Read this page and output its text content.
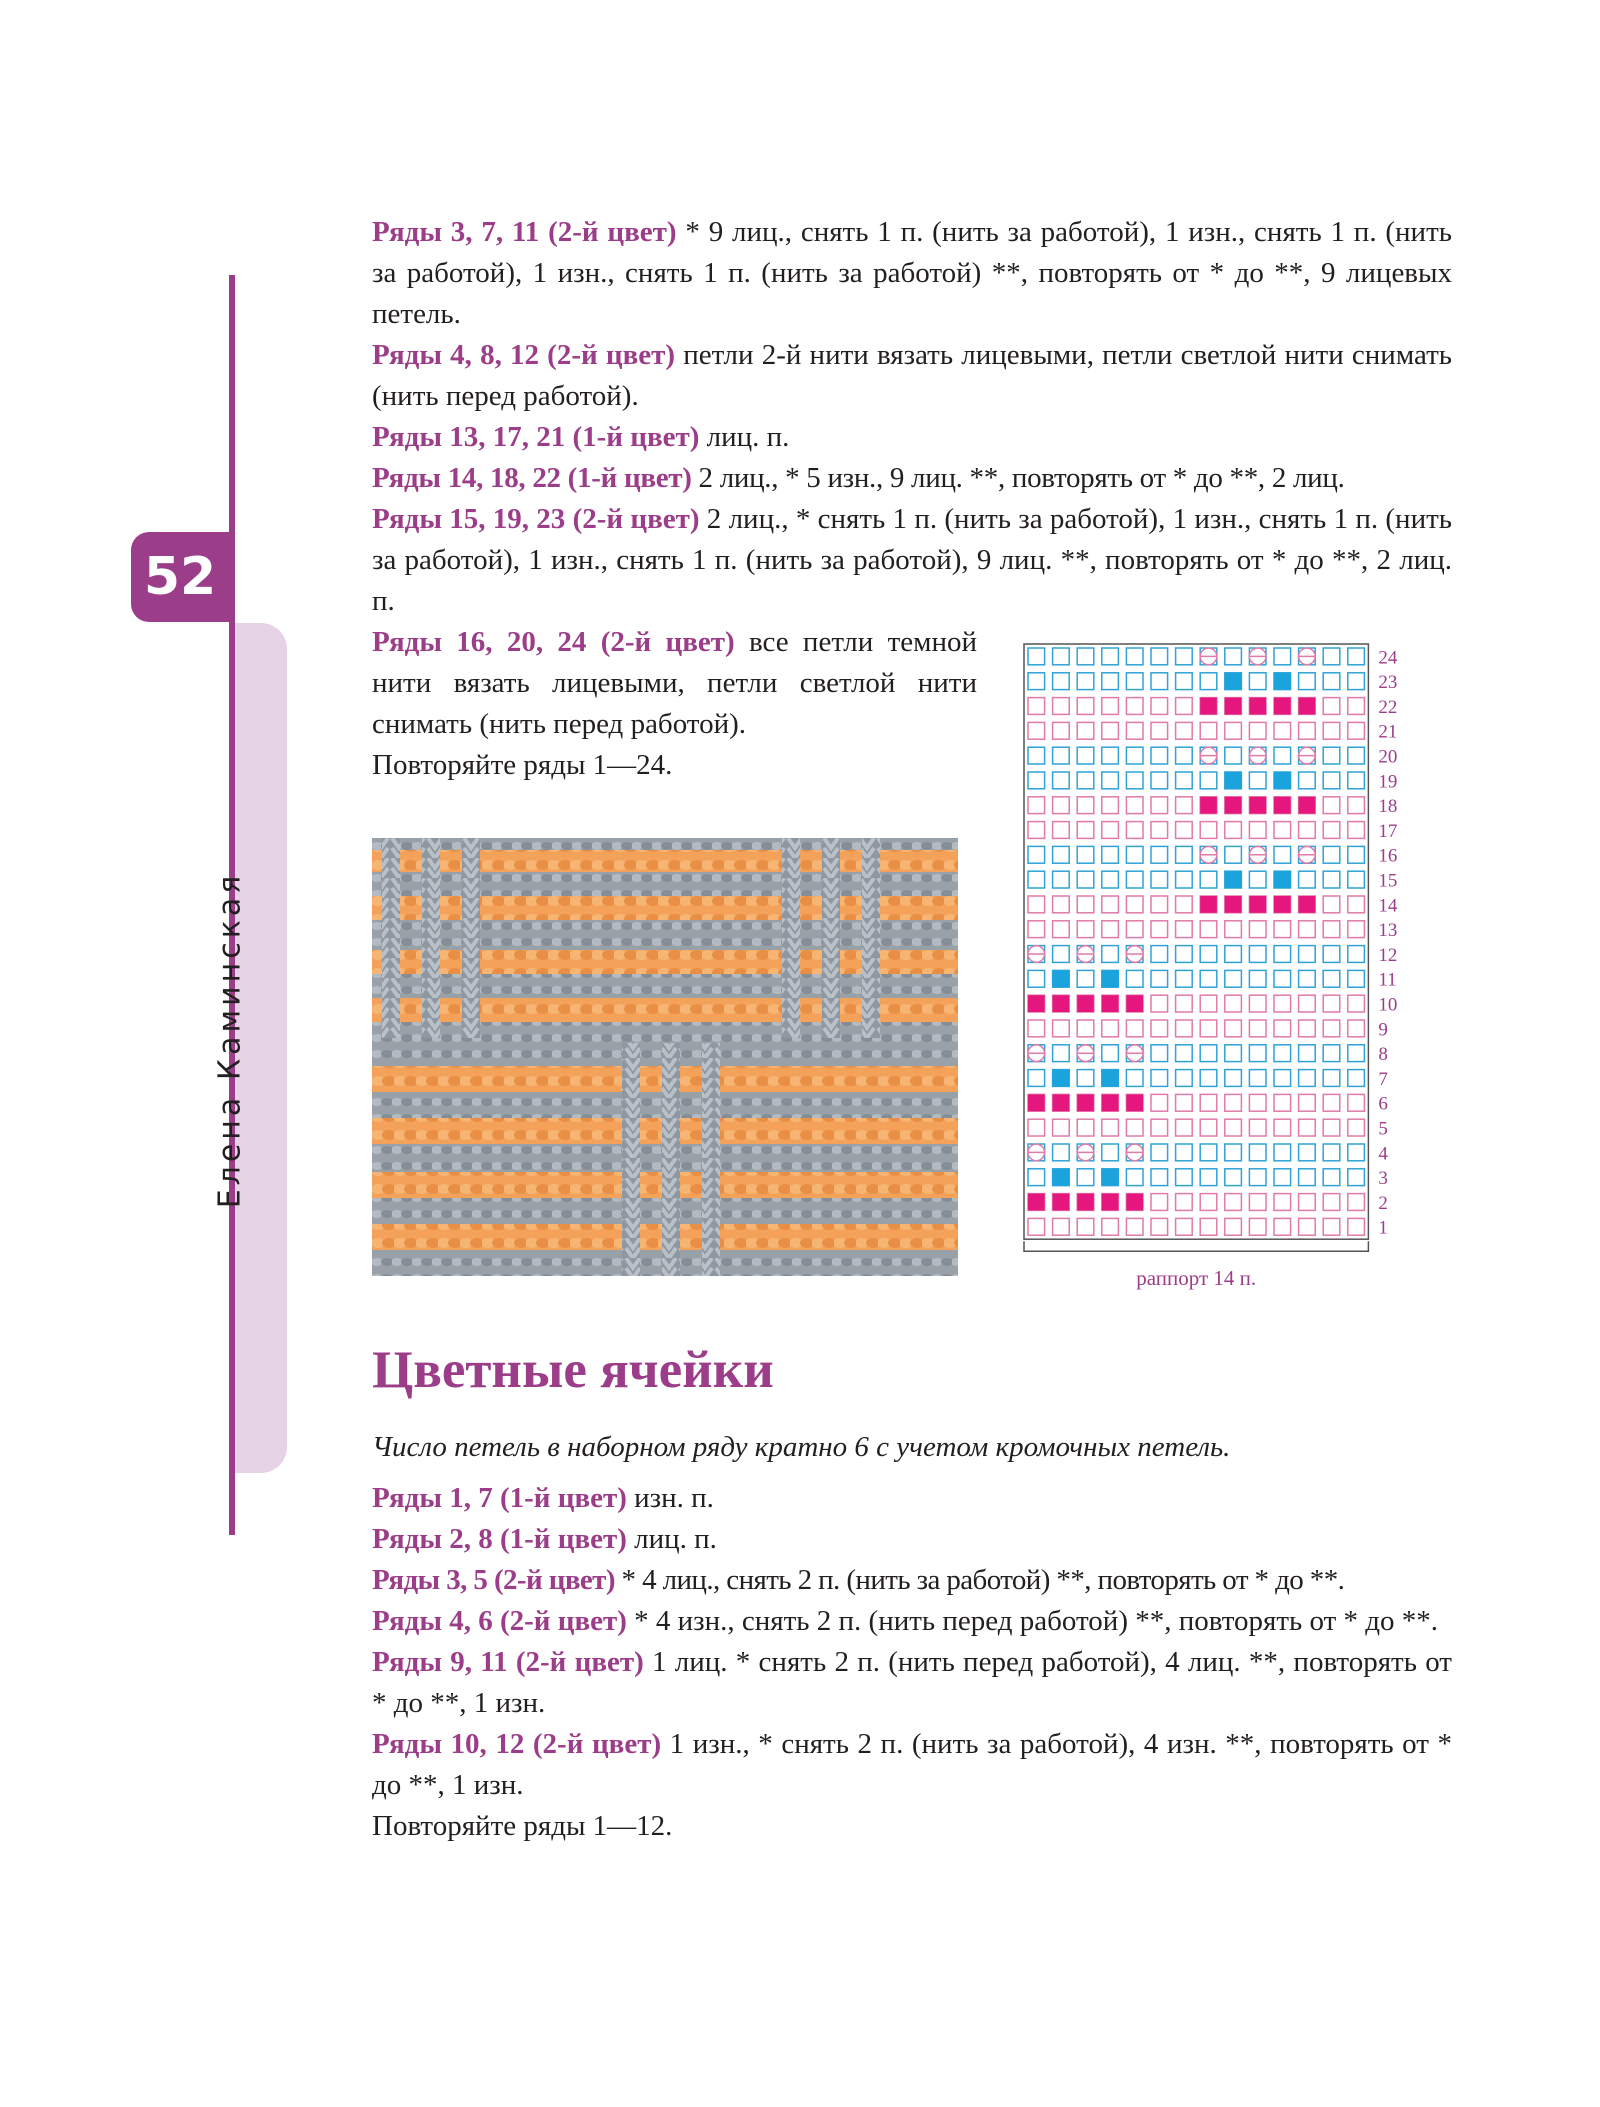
52
Елена Каминская

Ряды 3, 7, 11 (2-й цвет) * 9 лиц., снять 1 п. (нить за работой), 1 изн., снять 1 п. (нить за работой), 1 изн., снять 1 п. (нить за работой) **, повторять от * до **, 9 лицевых петель.

Ряды 4, 8, 12 (2-й цвет) петли 2-й нити вязать лицевыми, петли светлой нити снимать (нить перед работой).

Ряды 13, 17, 21 (1-й цвет) лиц. п.

Ряды 14, 18, 22 (1-й цвет) 2 лиц., * 5 изн., 9 лиц. **, повторять от * до **, 2 лиц.

Ряды 15, 19, 23 (2-й цвет) 2 лиц., * снять 1 п. (нить за работой), 1 изн., снять 1 п. (нить за работой), 1 изн., снять 1 п. (нить за работой), 9 лиц. **, повторять от * до **, 2 лиц. п.

Ряды 16, 20, 24 (2-й цвет) все петли темной нити вязать лицевыми, петли светлой нити снимать (нить перед работой).

Повторяйте ряды 1—24.

24
23
22
21
20
19
18
17
16
15
14
13
12
11
10
9
8
7
6
5
4
3
2
1
раппорт 14 п.
Цветные ячейки

Число петель в наборном ряду кратно 6 с учетом кромочных петель.

Ряды 1, 7 (1-й цвет) изн. п.

Ряды 2, 8 (1-й цвет) лиц. п.

Ряды 3, 5 (2-й цвет) * 4 лиц., снять 2 п. (нить за работой) **, повторять от * до **.

Ряды 4, 6 (2-й цвет) * 4 изн., снять 2 п. (нить перед работой) **, повторять от * до **.

Ряды 9, 11 (2-й цвет) 1 лиц. * снять 2 п. (нить перед работой), 4 лиц. **, повторять от * до **, 1 изн.

Ряды 10, 12 (2-й цвет) 1 изн., * снять 2 п. (нить за работой), 4 изн. **, повторять от * до **, 1 изн.

Повторяйте ряды 1—12.
